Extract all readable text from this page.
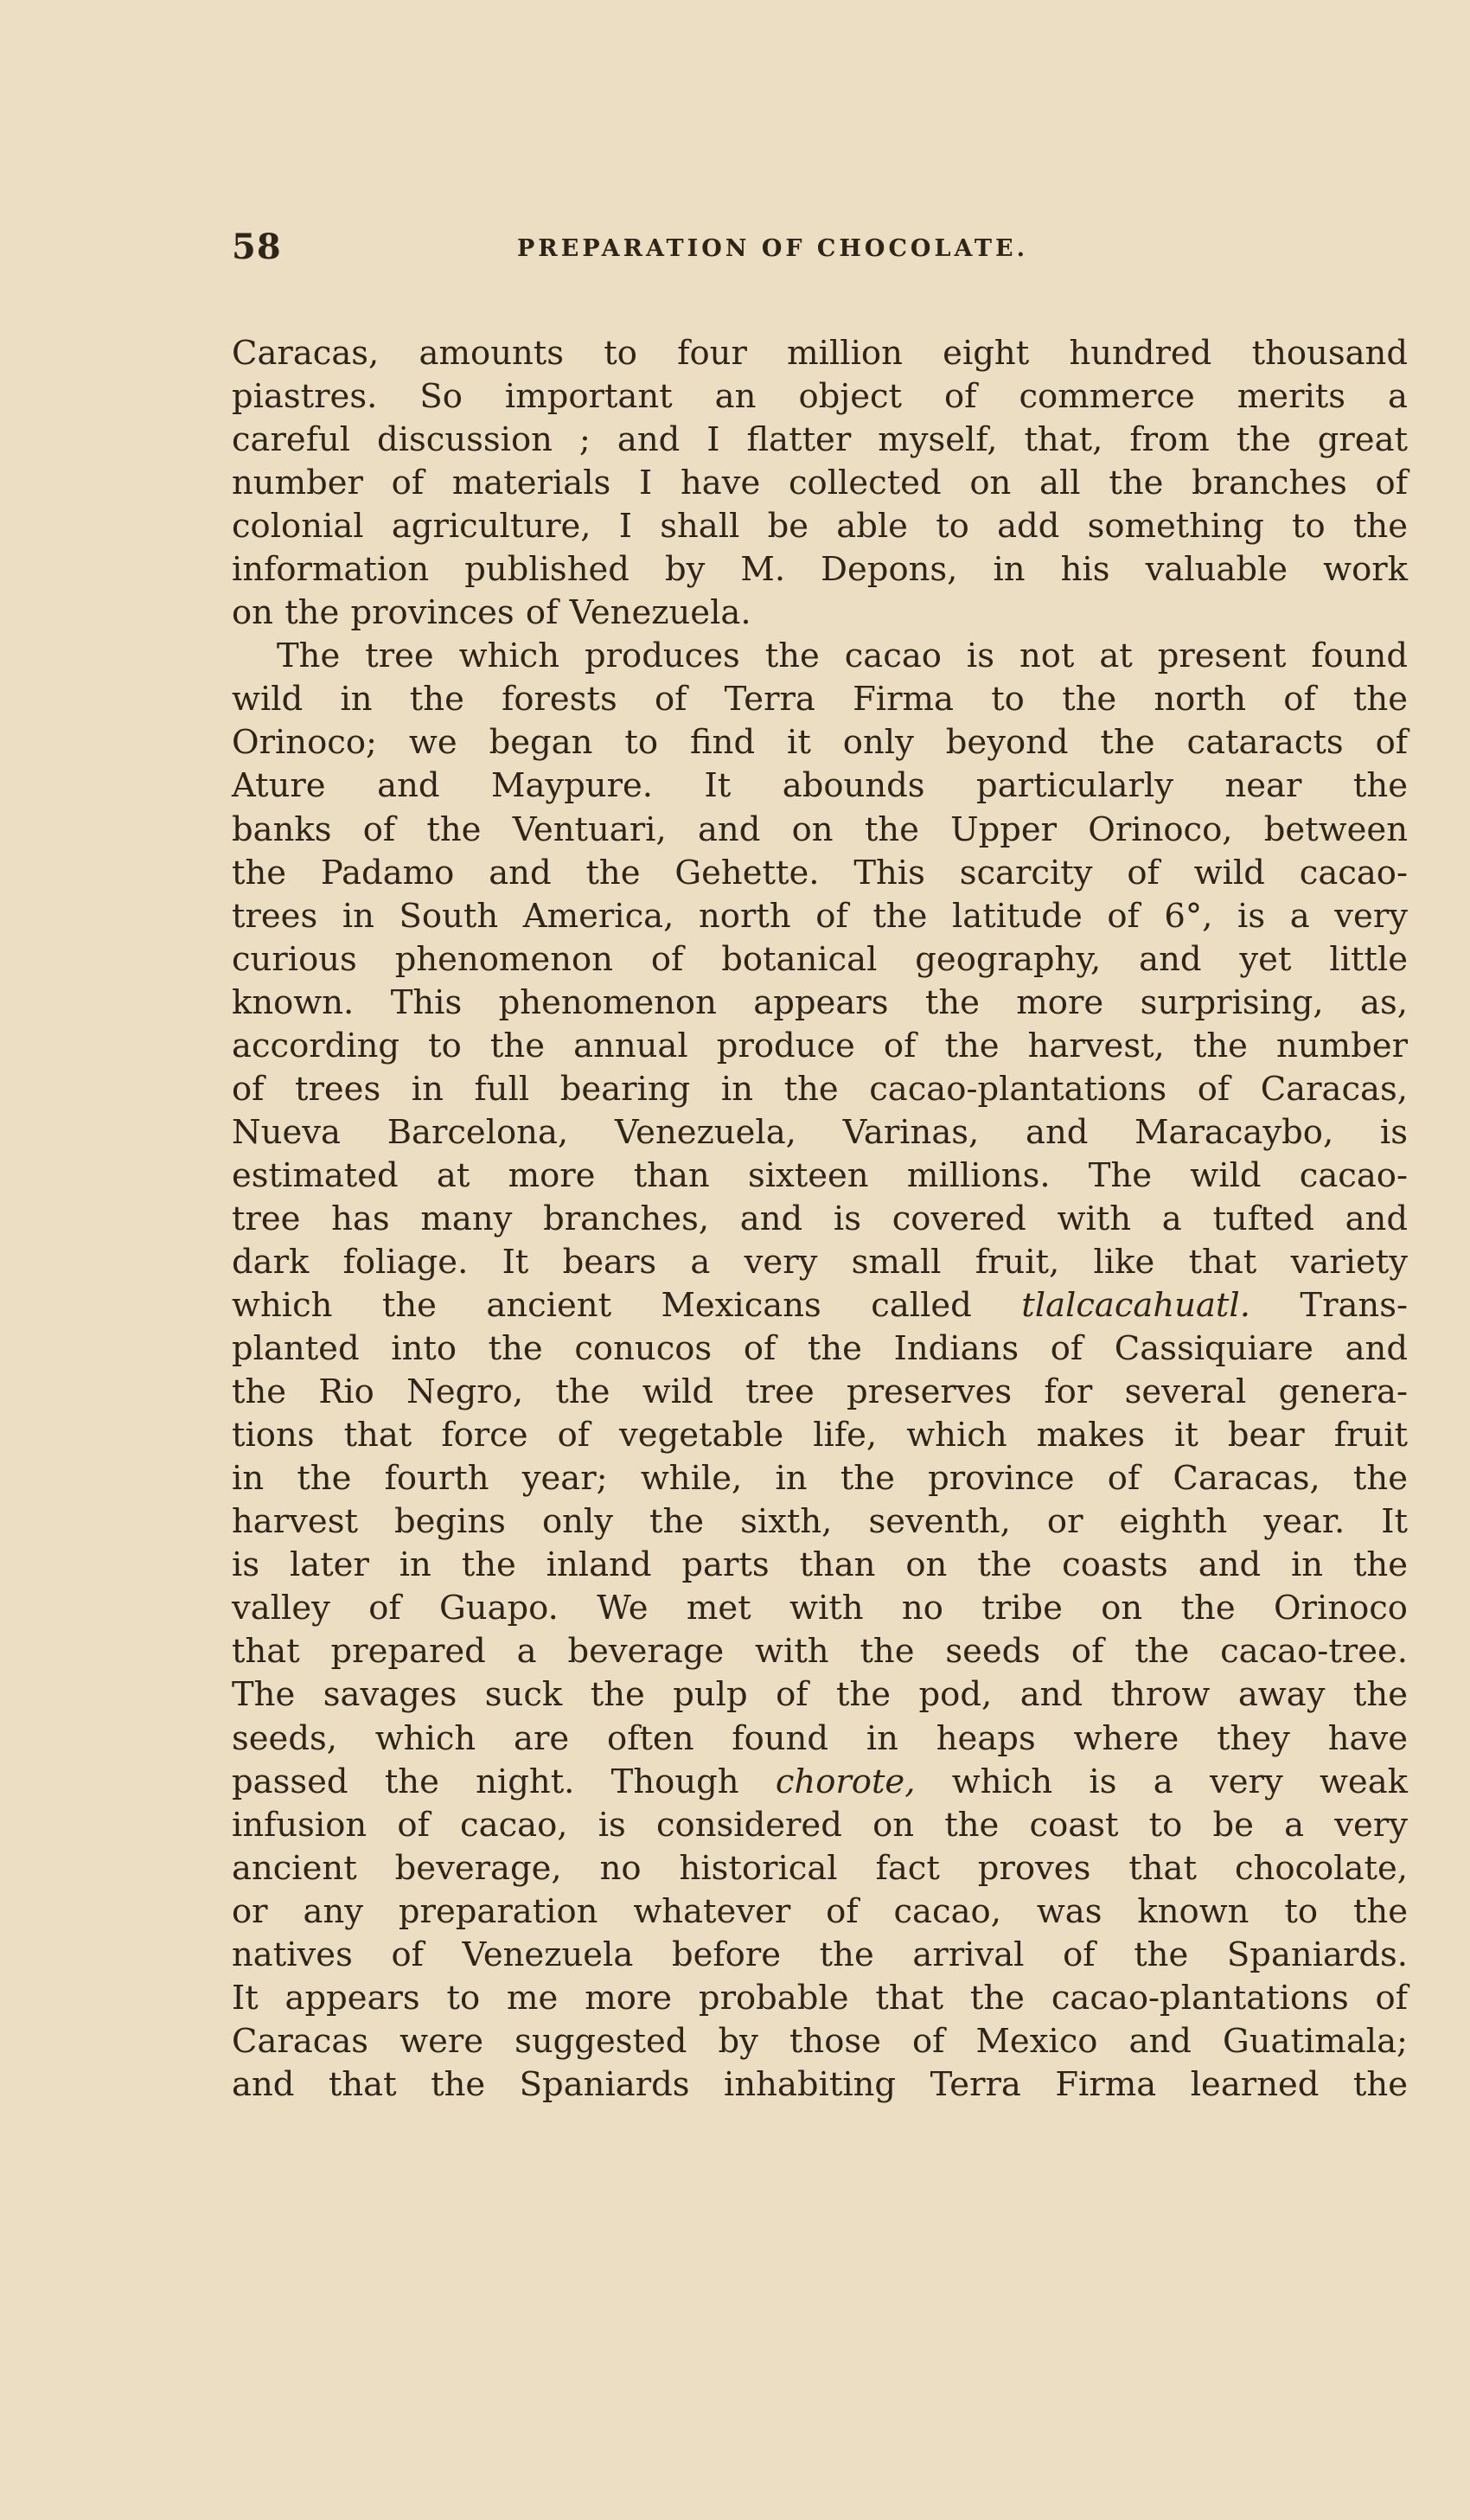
58	PREPARATION OF CHOCOLATE.
Caracas, amounts to four million eight hundred thousand
piastres. So important an object of commerce merits a
careful discussion ; and I flatter myself, that, from the great
number of materials I have collected on all the branches of
colonial agriculture, I shall be able to add something to the
information published by M. Depons, in his valuable work
on the provinces of Venezuela.
The tree which produces the cacao is not at present found
wild in the forests of Terra Firma to the north of the
Orinoco; we began to find it only beyond the cataracts of
Ature and Maypure. It abounds particularly near the
banks of the Ventuari, and on the Upper Orinoco, between
the Padamo and the Gehette. This scarcity of wild cacao-
trees in South America, north of the latitude of 6°, is a very
curious phenomenon of botanical geography, and yet little
known. This phenomenon appears the more surprising, as,
according to the annual produce of the harvest, the number
of trees in full bearing in the cacao-plantations of Caracas,
Nueva Barcelona, Venezuela, Varinas, and Maracaybo, is
estimated at more than sixteen millions. The wild cacao-
tree has many branches, and is covered with a tufted and
dark foliage. It bears a very small fruit, like that variety
which the ancient Mexicans called tlalcacahuatl. Trans-
planted into the conucos of the Indians of Cassiquiare and
the Rio Negro, the wild tree preserves for several genera-
tions that force of vegetable life, which makes it bear fruit
in the fourth year; while, in the province of Caracas, the
harvest begins only the sixth, seventh, or eighth year. It
is later in the inland parts than on the coasts and in the
valley of Guapo. We met with no tribe on the Orinoco
that prepared a beverage with the seeds of the cacao-tree.
The savages suck the pulp of the pod, and throw away the
seeds, which are often found in heaps where they have
passed the night. Though chorote, which is a very weak
infusion of cacao, is considered on the coast to be a very
ancient beverage, no historical fact proves that chocolate,
or any preparation whatever of cacao, was known to the
natives of Venezuela before the arrival of the Spaniards.
It appears to me more probable that the cacao-plantations of
Caracas were suggested by those of Mexico and Guatimala;
and that the Spaniards inhabiting Terra Firma learned the
